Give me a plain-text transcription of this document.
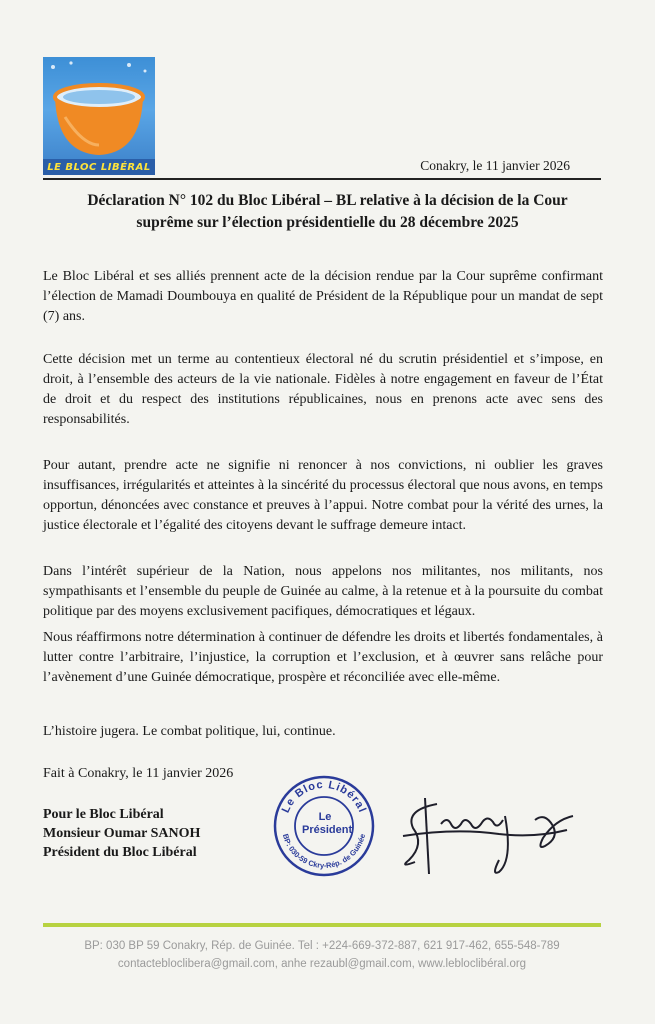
LE BLOC LIBÉRAL	Conakry, le 11 janvier 2026
Déclaration N° 102 du Bloc Libéral – BL relative à la décision de la Cour
suprême sur l’élection présidentielle du 28 décembre 2025

Le Bloc Libéral et ses alliés prennent acte de la décision rendue par la Cour suprême confirmant l’élection de Mamadi Doumbouya en qualité de Président de la République pour un mandat de sept (7) ans.

Cette décision met un terme au contentieux électoral né du scrutin présidentiel et s’impose, en droit, à l’ensemble des acteurs de la vie nationale. Fidèles à notre engagement en faveur de l’État de droit et du respect des institutions républicaines, nous en prenons acte avec sens des responsabilités.

Pour autant, prendre acte ne signifie ni renoncer à nos convictions, ni oublier les graves insuffisances, irrégularités et atteintes à la sincérité du processus électoral que nous avons, en temps opportun, dénoncées avec constance et preuves à l’appui. Notre combat pour la vérité des urnes, la justice électorale et l’égalité des citoyens devant le suffrage demeure intact.

Dans l’intérêt supérieur de la Nation, nous appelons nos militantes, nos militants, nos sympathisants et l’ensemble du peuple de Guinée au calme, à la retenue et à la poursuite du combat politique par des moyens exclusivement pacifiques, démocratiques et légaux.

Nous réaffirmons notre détermination à continuer de défendre les droits et libertés fondamentales, à lutter contre l’arbitraire, l’injustice, la corruption et l’exclusion, et à œuvrer sans relâche pour l’avènement d’une Guinée démocratique, prospère et réconciliée avec elle-même.

L’histoire jugera. Le combat politique, lui, continue.

Fait à Conakry, le 11 janvier 2026

Pour le Bloc Libéral
Monsieur Oumar SANOH
Président du Bloc Libéral
Le Bloc Libéral
BP: 030-59 Ckry-Rép. de Guinée
Le
Président
BP: 030 BP 59 Conakry, Rép. de Guinée. Tel : +224-669-372-887, 621 917-462, 655-548-789
contactebloclibera@gmail.com, anhe rezaubl@gmail.com, www.lebloclibéral.org
